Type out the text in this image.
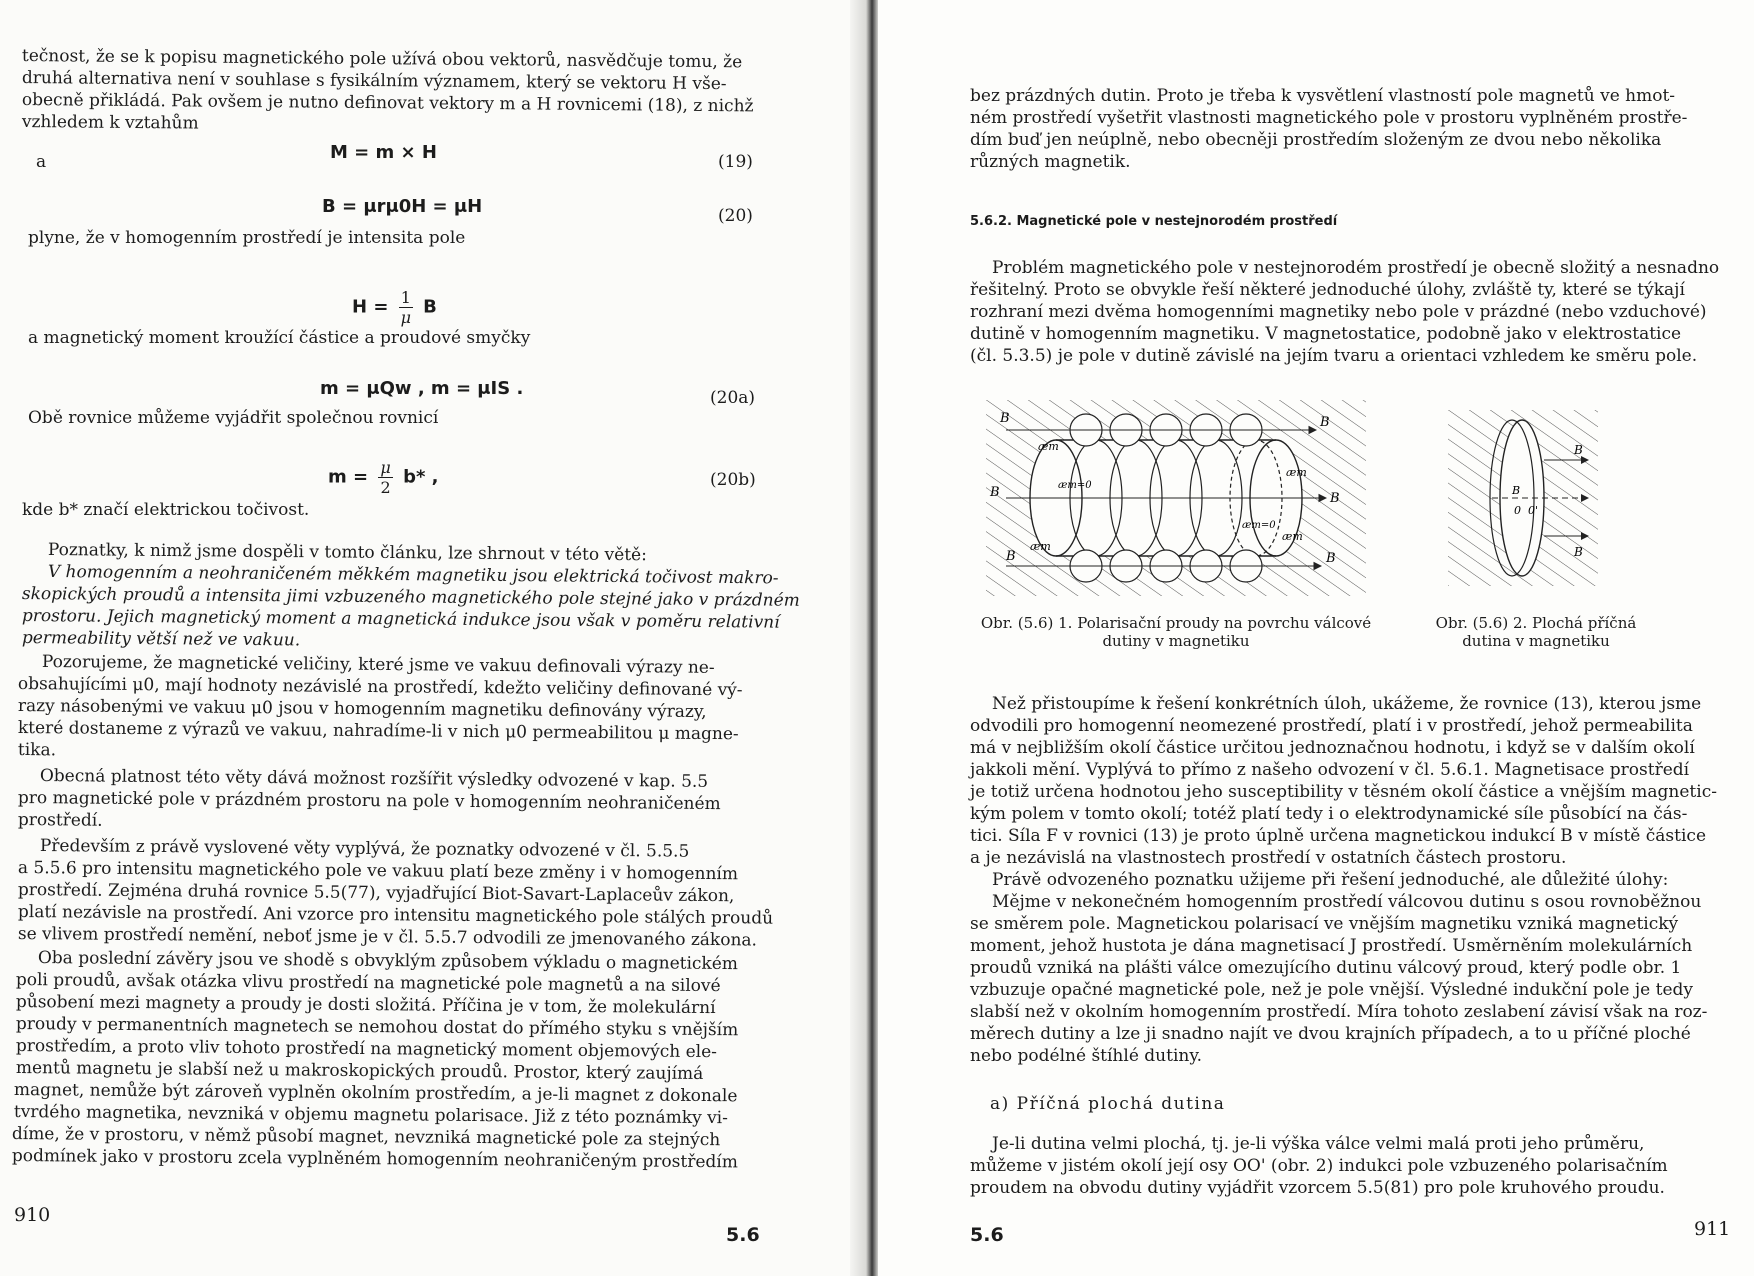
tečnost, že se k popisu magnetického pole užívá obou vektorů, nasvědčuje tomu, že
druhá alternativa není v souhlase s fysikálním významem, který se vektoru H vše-
obecně přikládá. Pak ovšem je nutno definovat vektory m a H rovnicemi (18), z nichž
vzhledem k vztahům
a	M = m × H	(19)
B = μrμ0H = μH	(20)
plyne, že v homogenním prostředí je intensita pole
$H = \frac{1}{\mu}$ B
a magnetický moment kroužící částice a proudové smyčky
m = μQw , m = μIS .	(20a)
Obě rovnice můžeme vyjádřit společnou rovnicí
$m = \frac{\mu}{2} b*$ ,	(20b)
kde b* značí elektrickou točivost.
Poznatky, k nimž jsme dospěli v tomto článku, lze shrnout v této větě:
V homogenním a neohraničeném měkkém magnetiku jsou elektrická točivost makro-
skopických proudů a intensita jimi vzbuzeného magnetického pole stejné jako v prázdném
prostoru. Jejich magnetický moment a magnetická indukce jsou však v poměru relativní
permeability větší než ve vakuu.
Pozorujeme, že magnetické veličiny, které jsme ve vakuu definovali výrazy ne-
obsahujícími μ0, mají hodnoty nezávislé na prostředí, kdežto veličiny definované vý-
razy násobenými ve vakuu μ0 jsou v homogenním magnetiku definovány výrazy,
které dostaneme z výrazů ve vakuu, nahradíme-li v nich μ0 permeabilitou μ magne-
tika.
Obecná platnost této věty dává možnost rozšířit výsledky odvozené v kap. 5.5
pro magnetické pole v prázdném prostoru na pole v homogenním neohraničeném
prostředí.
Především z právě vyslovené věty vyplývá, že poznatky odvozené v čl. 5.5.5
a 5.5.6 pro intensitu magnetického pole ve vakuu platí beze změny i v homogenním
prostředí. Zejména druhá rovnice 5.5(77), vyjadřující Biot-Savart-Laplaceův zákon,
platí nezávisle na prostředí. Ani vzorce pro intensitu magnetického pole stálých proudů
se vlivem prostředí nemění, neboť jsme je v čl. 5.5.7 odvodili ze jmenovaného zákona.
Oba poslední závěry jsou ve shodě s obvyklým způsobem výkladu o magnetickém
poli proudů, avšak otázka vlivu prostředí na magnetické pole magnetů a na silové
působení mezi magnety a proudy je dosti složitá. Příčina je v tom, že molekulární
proudy v permanentních magnetech se nemohou dostat do přímého styku s vnějším
prostředím, a proto vliv tohoto prostředí na magnetický moment objemových ele-
mentů magnetu je slabší než u makroskopických proudů. Prostor, který zaujímá
magnet, nemůže být zároveň vyplněn okolním prostředím, a je-li magnet z dokonale
tvrdého magnetika, nevzniká v objemu magnetu polarisace. Již z této poznámky vi-
díme, že v prostoru, v němž působí magnet, nevzniká magnetické pole za stejných
podmínek jako v prostoru zcela vyplněném homogenním neohraničeným prostředím
910
5.6
bez prázdných dutin. Proto je třeba k vysvětlení vlastností pole magnetů ve hmot-
ném prostředí vyšetřit vlastnosti magnetického pole v prostoru vyplněném prostře-
dím buď jen neúplně, nebo obecněji prostředím složeným ze dvou nebo několika
různých magnetik.
5.6.2. Magnetické pole v nestejnorodém prostředí
Problém magnetického pole v nestejnorodém prostředí je obecně složitý a nesnadno
řešitelný. Proto se obvykle řeší některé jednoduché úlohy, zvláště ty, které se týkají
rozhraní mezi dvěma homogenními magnetiky nebo pole v prázdné (nebo vzduchové)
dutině v homogenním magnetiku. V magnetostatice, podobně jako v elektrostatice
(čl. 5.3.5) je pole v dutině závislé na jejím tvaru a orientaci vzhledem ke směru pole.
B	B
B	B
B	B
æm
æm
æm
æm
æm=0
æm=0
Obr. (5.6) 1. Polarisační proudy na povrchu válcové
dutiny v magnetiku
B
B
B
0 0'
Obr. (5.6) 2. Plochá příčná
dutina v magnetiku
Než přistoupíme k řešení konkrétních úloh, ukážeme, že rovnice (13), kterou jsme
odvodili pro homogenní neomezené prostředí, platí i v prostředí, jehož permeabilita
má v nejbližším okolí částice určitou jednoznačnou hodnotu, i když se v dalším okolí
jakkoli mění. Vyplývá to přímo z našeho odvození v čl. 5.6.1. Magnetisace prostředí
je totiž určena hodnotou jeho susceptibility v těsném okolí částice a vnějším magnetic-
kým polem v tomto okolí; totéž platí tedy i o elektrodynamické síle působící na čás-
tici. Síla F v rovnici (13) je proto úplně určena magnetickou indukcí B v místě částice
a je nezávislá na vlastnostech prostředí v ostatních částech prostoru.
Právě odvozeného poznatku užijeme při řešení jednoduché, ale důležité úlohy:
Mějme v nekonečném homogenním prostředí válcovou dutinu s osou rovnoběžnou
se směrem pole. Magnetickou polarisací ve vnějším magnetiku vzniká magnetický
moment, jehož hustota je dána magnetisací J prostředí. Usměrněním molekulárních
proudů vzniká na plášti válce omezujícího dutinu válcový proud, který podle obr. 1
vzbuzuje opačné magnetické pole, než je pole vnější. Výsledné indukční pole je tedy
slabší než v okolním homogenním prostředí. Míra tohoto zeslabení závisí však na roz-
měrech dutiny a lze ji snadno najít ve dvou krajních případech, a to u příčné ploché
nebo podélné štíhlé dutiny.
a) Příčná plochá dutina
Je-li dutina velmi plochá, tj. je-li výška válce velmi malá proti jeho průměru,
můžeme v jistém okolí její osy OO' (obr. 2) indukci pole vzbuzeného polarisačním
proudem na obvodu dutiny vyjádřit vzorcem 5.5(81) pro pole kruhového proudu.
5.6	911
